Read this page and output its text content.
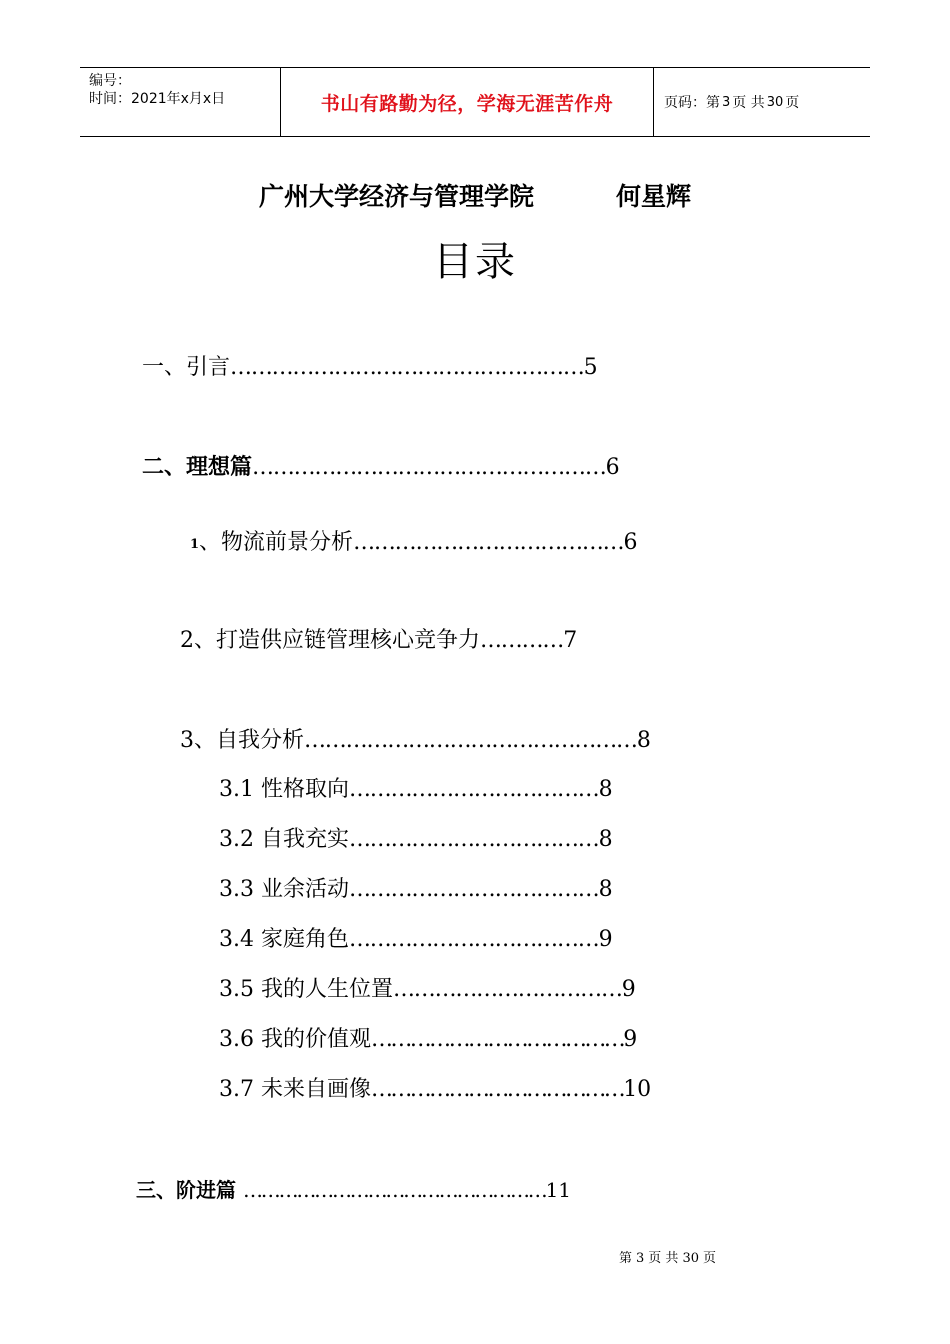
编号：
时间：2021年x月x日	书山有路勤为径，学海无涯苦作舟	页码：第 3 页 共 30 页
广州大学经济与管理学院	何星辉
目录
一、引言……………………………………………5
二、理想篇……………………………………………6
1、物流前景分析…………………………………6
2、打造供应链管理核心竞争力…………7
3、自我分析…………………………………………8
3.1 性格取向………………………………8
3.2 自我充实………………………………8
3.3 业余活动………………………………8
3.4 家庭角色………………………………9
3.5 我的人生位置……………………………9
3.6 我的价值观…………………………………9
3.7 未来自画像…………………………………10
三、阶进篇 ……………………………………………11
第 3 页 共 30 页
